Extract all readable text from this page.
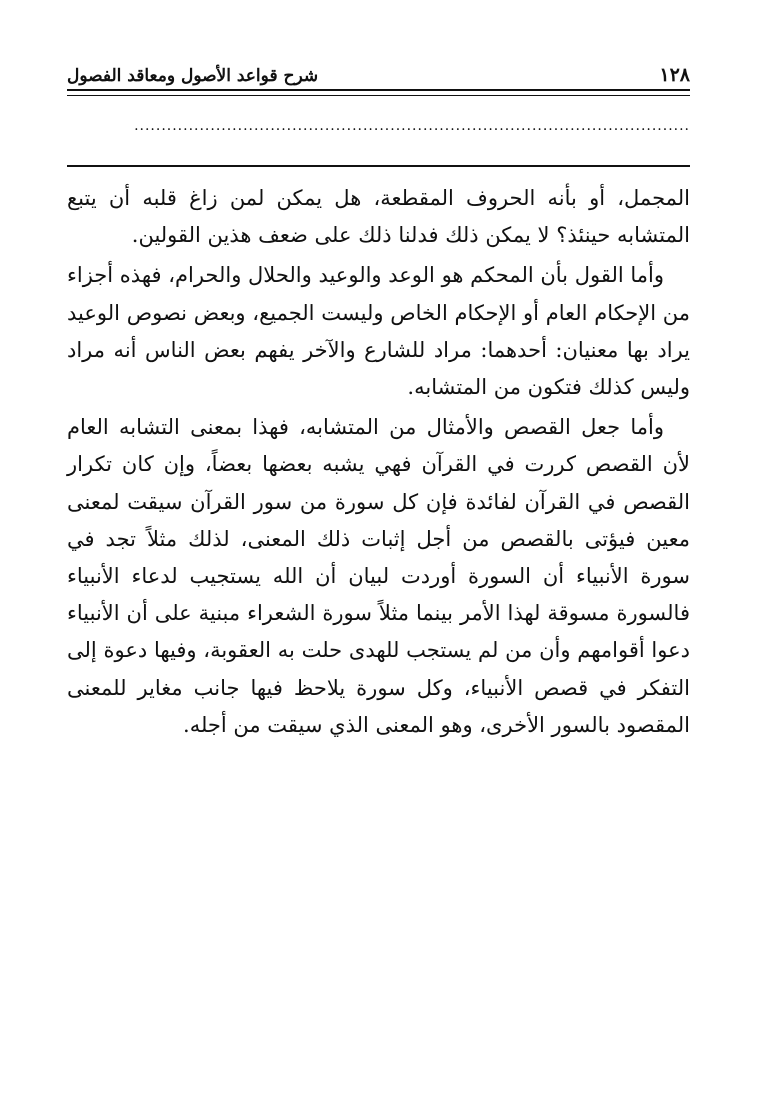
١٢٨
شرح قواعد الأصول ومعاقد الفصول
......................................................................................................

المجمل، أو بأنه الحروف المقطعة، هل يمكن لمن زاغ قلبه أن يتبع المتشابه حينئذ؟ لا يمكن ذلك فدلنا ذلك على ضعف هذين القولين.

وأما القول بأن المحكم هو الوعد والوعيد والحلال والحرام، فهذه أجزاء من الإحكام العام أو الإحكام الخاص وليست الجميع، وبعض نصوص الوعيد يراد بها معنيان: أحدهما: مراد للشارع والآخر يفهم بعض الناس أنه مراد وليس كذلك فتكون من المتشابه.

وأما جعل القصص والأمثال من المتشابه، فهذا بمعنى التشابه العام لأن القصص كررت في القرآن فهي يشبه بعضها بعضاً، وإن كان تكرار القصص في القرآن لفائدة فإن كل سورة من سور القرآن سيقت لمعنى معين فيؤتى بالقصص من أجل إثبات ذلك المعنى، لذلك مثلاً تجد في سورة الأنبياء أن السورة أوردت لبيان أن الله يستجيب لدعاء الأنبياء فالسورة مسوقة لهذا الأمر بينما مثلاً سورة الشعراء مبنية على أن الأنبياء دعوا أقوامهم وأن من لم يستجب للهدى حلت به العقوبة، وفيها دعوة إلى التفكر في قصص الأنبياء، وكل سورة يلاحظ فيها جانب مغاير للمعنى المقصود بالسور الأخرى، وهو المعنى الذي سيقت من أجله.
